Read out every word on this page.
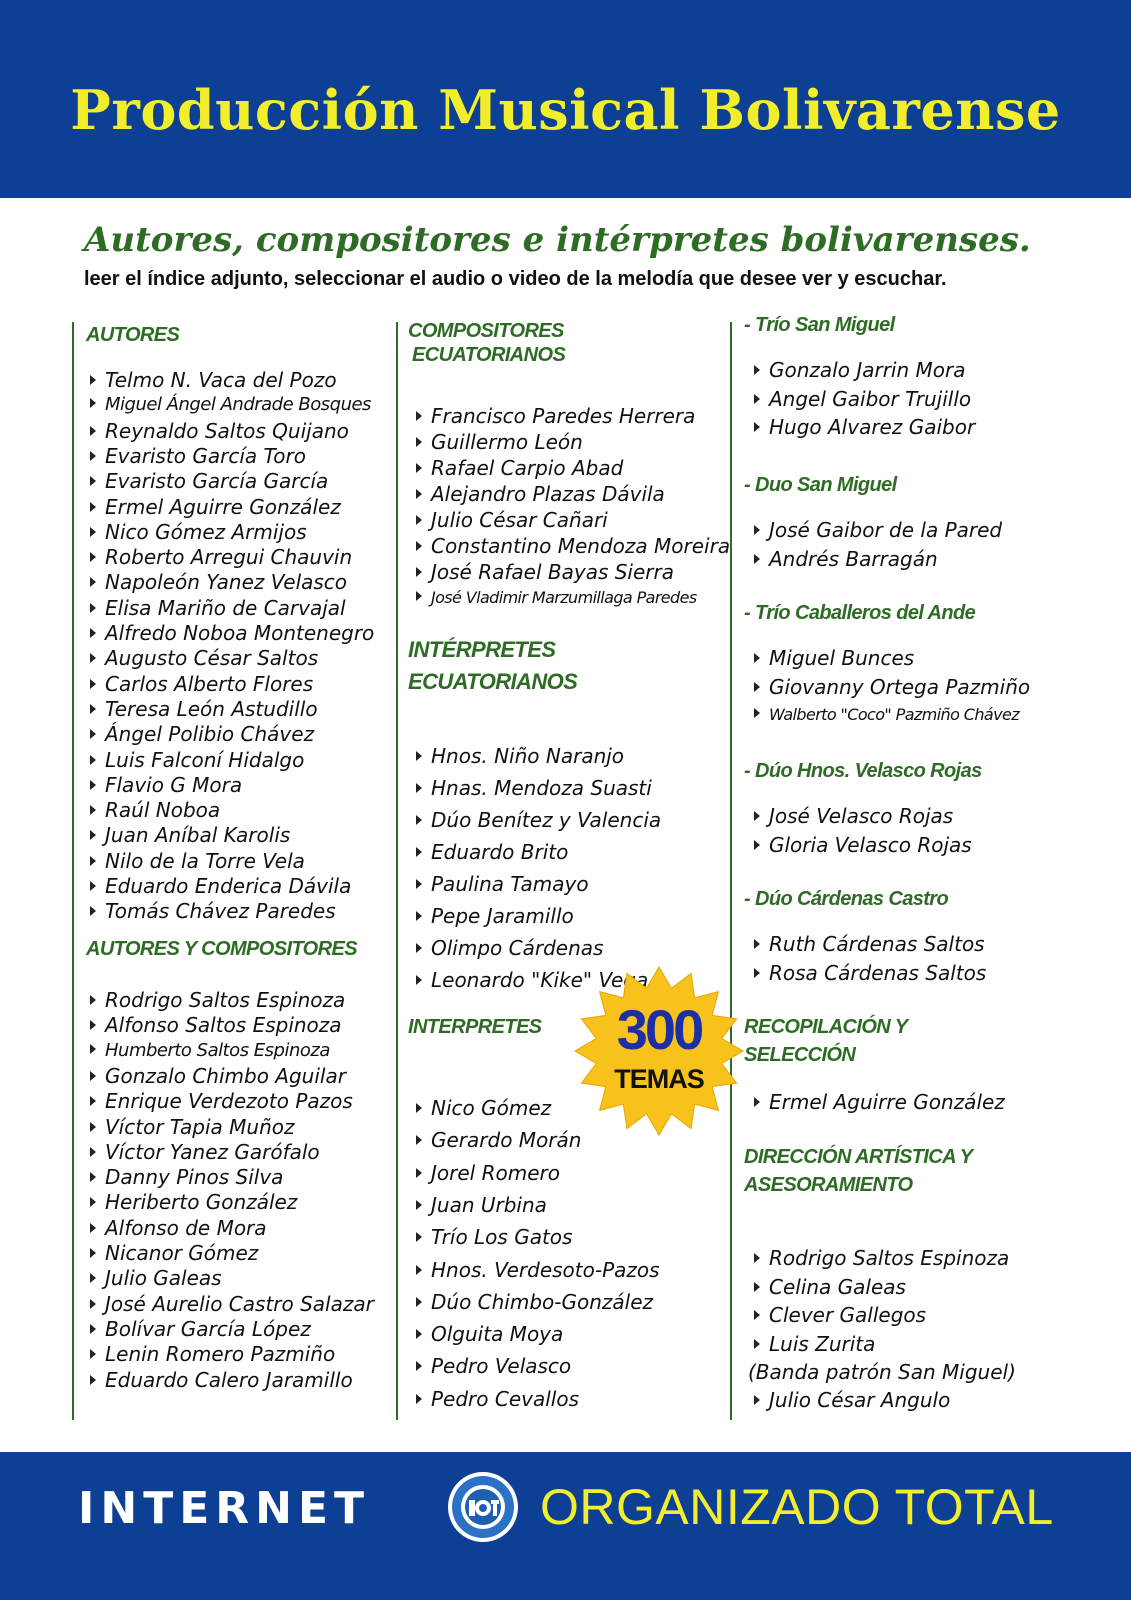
Producción Musical Bolivarense
Autores, compositores e intérpretes bolivarenses.
leer el índice adjunto, seleccionar el audio o video de la melodía que desee ver y escuchar.
AUTORES
Telmo N. Vaca del Pozo
Miguel Ángel Andrade Bosques
Reynaldo Saltos Quijano
Evaristo García Toro
Evaristo García García
Ermel Aguirre González
Nico Gómez Armijos
Roberto Arregui Chauvin
Napoleón Yanez Velasco
Elisa Mariño de Carvajal
Alfredo Noboa Montenegro
Augusto César Saltos
Carlos Alberto Flores
Teresa León Astudillo
Ángel Polibio Chávez
Luis Falconí Hidalgo
Flavio G Mora
Raúl Noboa
Juan Aníbal Karolis
Nilo de la Torre Vela
Eduardo Enderica Dávila
Tomás Chávez Paredes
AUTORES Y COMPOSITORES
Rodrigo Saltos Espinoza
Alfonso Saltos Espinoza
Humberto Saltos Espinoza
Gonzalo Chimbo Aguilar
Enrique Verdezoto Pazos
Víctor Tapia Muñoz
Víctor Yanez Garófalo
Danny Pinos Silva
Heriberto González
Alfonso de Mora
Nicanor Gómez
Julio Galeas
José Aurelio Castro Salazar
Bolívar García López
Lenin Romero Pazmiño
Eduardo Calero Jaramillo
COMPOSITORES
ECUATORIANOS
Francisco Paredes Herrera
Guillermo León
Rafael Carpio Abad
Alejandro Plazas Dávila
Julio César Cañari
Constantino Mendoza Moreira
José Rafael Bayas Sierra
José Vladimir Marzumillaga Paredes
INTÉRPRETES
ECUATORIANOS
Hnos. Niño Naranjo
Hnas. Mendoza Suasti
Dúo Benítez y Valencia
Eduardo Brito
Paulina Tamayo
Pepe Jaramillo
Olimpo Cárdenas
Leonardo "Kike" Vega
INTERPRETES
Nico Gómez
Gerardo Morán
Jorel Romero
Juan Urbina
Trío Los Gatos
Hnos. Verdesoto-Pazos
Dúo Chimbo-González
Olguita Moya
Pedro Velasco
Pedro Cevallos
- Trío San Miguel
Gonzalo Jarrin Mora
Angel Gaibor Trujillo
Hugo Alvarez Gaibor
- Duo San Miguel
José Gaibor de la Pared
Andrés Barragán
- Trío Caballeros del Ande
Miguel Bunces
Giovanny Ortega Pazmiño
Walberto "Coco" Pazmiño Chávez
- Dúo Hnos. Velasco Rojas
José Velasco Rojas
Gloria Velasco Rojas
- Dúo Cárdenas Castro
Ruth Cárdenas Saltos
Rosa Cárdenas Saltos
RECOPILACIÓN Y
SELECCIÓN
Ermel Aguirre González
DIRECCIÓN ARTÍSTICA Y
ASESORAMIENTO
Rodrigo Saltos Espinoza
Celina Galeas
Clever Gallegos
Luis Zurita
(Banda patrón San Miguel)
Julio César Angulo
300
TEMAS
INTERNET	ORGANIZADO TOTAL
